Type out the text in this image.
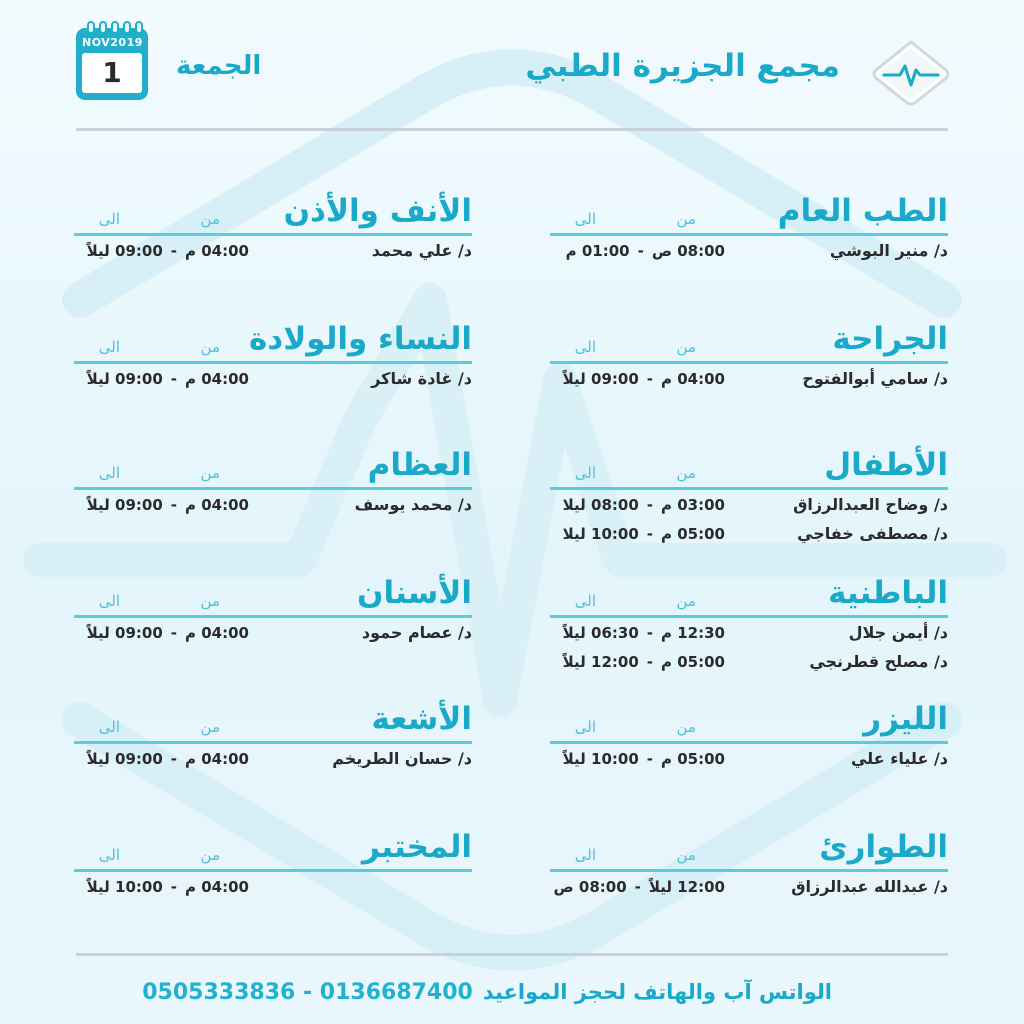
مجمع الجزيرة الطبي
NOV2019
1	الجمعة
الطب العام
من
الى
د/ منير البوشي
08:00 ص-01:00 م
الجراحة
من
الى
د/ سامي أبوالفتوح
04:00 م-09:00 ليلاً
الأطفال
من
الى
د/ وضاح العبدالرزاق
03:00 م-08:00 ليلا
د/ مصطفى خفاجي
05:00 م-10:00 ليلا
الباطنية
من
الى
د/ أيمن جلال
12:30 م-06:30 ليلاً
د/ مصلح قطرنجي
05:00 م-12:00 ليلاً
الليزر
من
الى
د/ علياء علي
05:00 م-10:00 ليلاً
الطوارئ
من
الى
د/ عبدالله عبدالرزاق
12:00 ليلاً-08:00 ص
الأنف والأذن
من
الى
د/ علي محمد
04:00 م-09:00 ليلاً
النساء والولادة
من
الى
د/ غادة شاكر
04:00 م-09:00 ليلاً
العظام
من
الى
د/ محمد يوسف
04:00 م-09:00 ليلاً
الأسنان
من
الى
د/ عصام حمود
04:00 م-09:00 ليلاً
الأشعة
من
الى
د/ حسان الطريخم
04:00 م-09:00 ليلاً
المختبر
من
الى
04:00 م-10:00 ليلاً
الواتس آب والهاتف لحجز المواعيد0505333836 - 0136687400
